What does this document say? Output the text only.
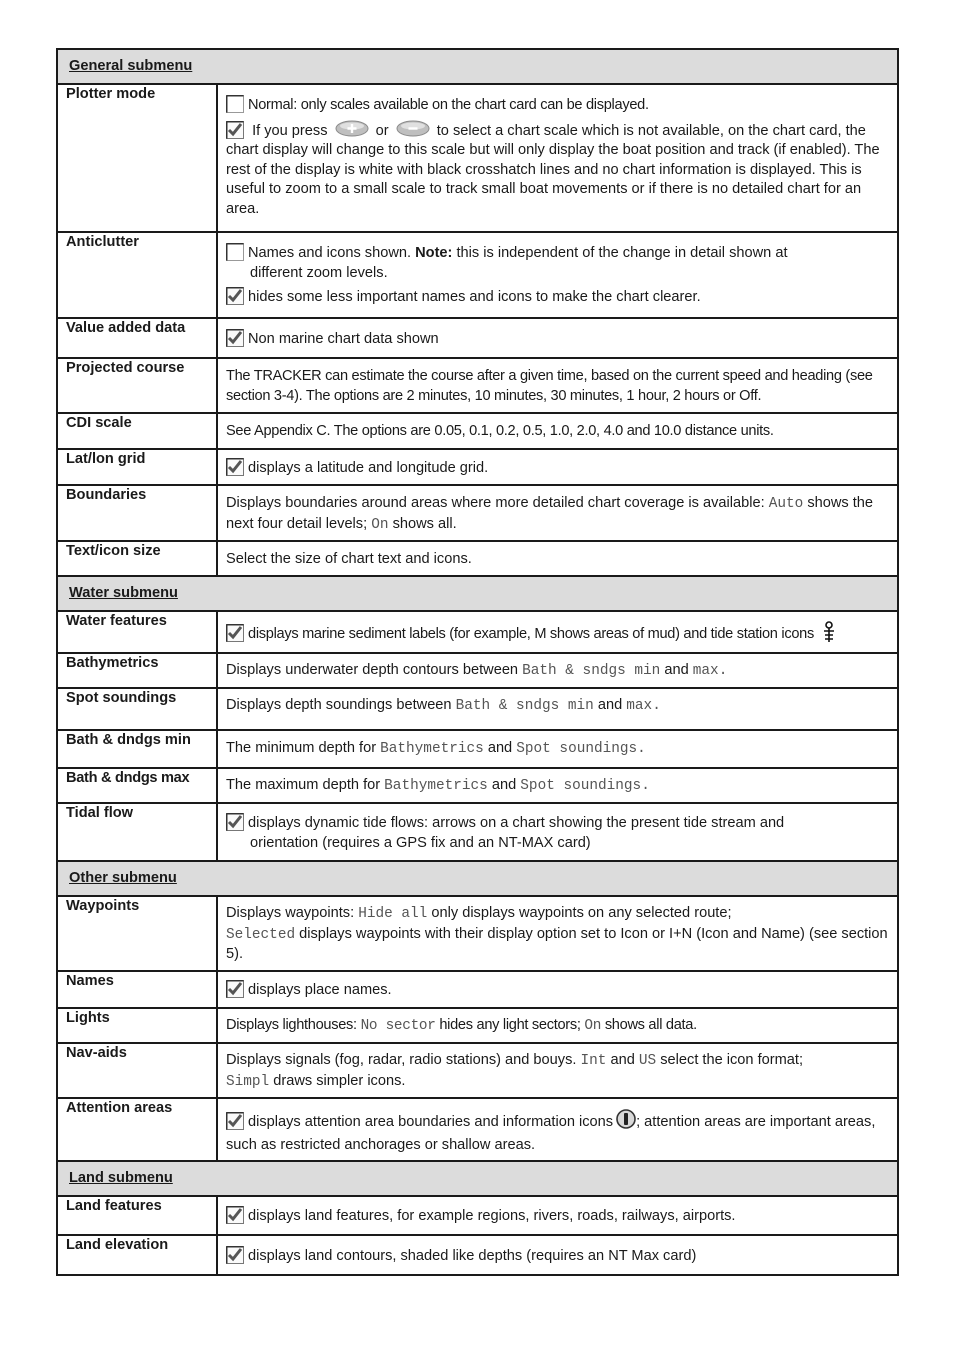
General submenu	
Plotter mode	Normal: only scales available on the chart card can be displayed.
If you press or to select a chart scale which is not available, on the chart card, the chart display will change to this scale but will only display the boat position and track (if enabled). The rest of the display is white with black crosshatch lines and no chart information is displayed. This is useful to zoom to a small scale to track small boat movements or if there is no detailed chart for an area.

Anticlutter	Names and icons shown. Note: this is independent of the change in detail shown at
different zoom levels.
hides some less important names and icons to make the chart clearer.

Value added data	Non marine chart data shown
Projected course	The TRACKER can estimate the course after a given time, based on the current speed and heading (see section 3-4). The options are 2 minutes, 10 minutes, 30 minutes, 1 hour, 2 hours or Off.
CDI scale	See Appendix C. The options are 0.05, 0.1, 0.2, 0.5, 1.0, 2.0, 4.0 and 10.0 distance units.
Lat/lon grid	displays a latitude and longitude grid.
Boundaries	Displays boundaries around areas where more detailed chart coverage is available: Auto shows the next four detail levels; On shows all.
Text/icon size	Select the size of chart text and icons.
Water submenu	
Water features	displays marine sediment labels (for example, M shows areas of mud) and tide station icons
Bathymetrics	Displays underwater depth contours between Bath & sndgs min and max.
Spot soundings	Displays depth soundings between Bath & sndgs min and max.
Bath & dndgs min	The minimum depth for Bathymetrics and Spot soundings.
Bath & dndgs max	The maximum depth for Bathymetrics and Spot soundings.
Tidal flow	displays dynamic tide flows: arrows on a chart showing the present tide stream and
orientation (requires a GPS fix and an NT-MAX card)

Other submenu	
Waypoints	Displays waypoints: Hide all only displays waypoints on any selected route;
Selected displays waypoints with their display option set to Icon or I+N (Icon and Name) (see section 5).
Names	displays place names.
Lights	Displays lighthouses: No sector hides any light sectors; On shows all data.
Nav-aids	Displays signals (fog, radar, radio stations) and bouys. Int and US select the icon format;
Simpl draws simpler icons.
Attention areas	displays attention area boundaries and information icons ; attention areas are important areas, such as restricted anchorages or shallow areas.
Land submenu	
Land features	displays land features, for example regions, rivers, roads, railways, airports.
Land elevation	displays land contours, shaded like depths (requires an NT Max card)
